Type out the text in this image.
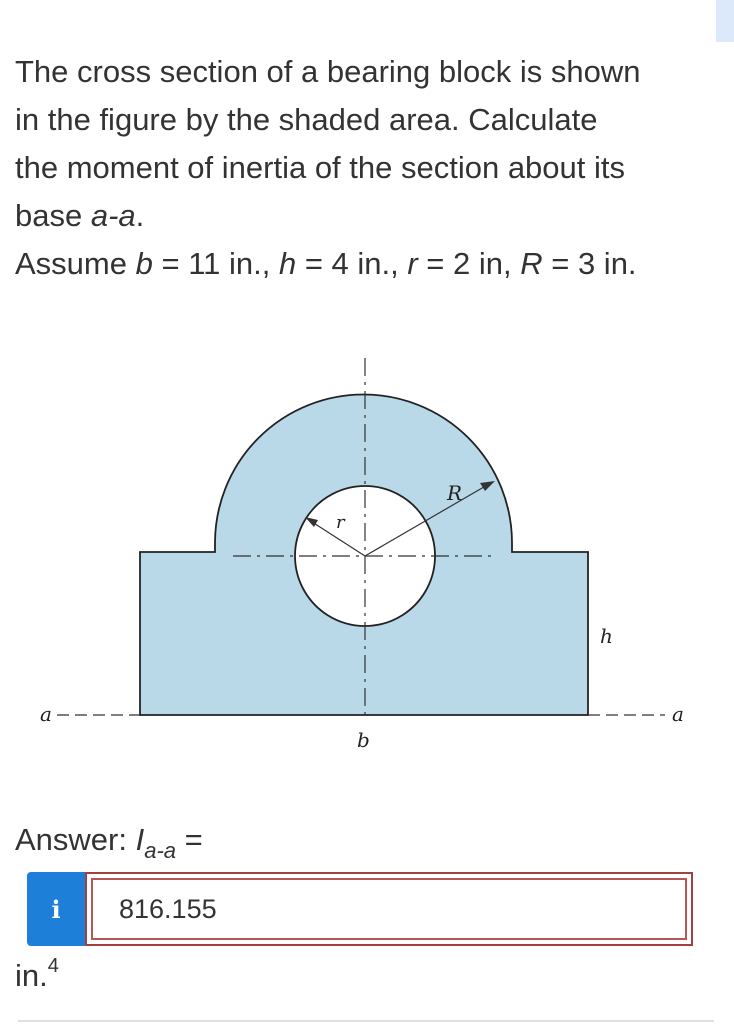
The cross section of a bearing block is shown

in the figure by the shaded area. Calculate

the moment of inertia of the section about its

base a-a.

Assume b = 11 in., h = 4 in., r = 2 in, R = 3 in.

R
r
h
b
a	a
Answer: $I_{a-a}$ =
i	816.155
in.$^4$
